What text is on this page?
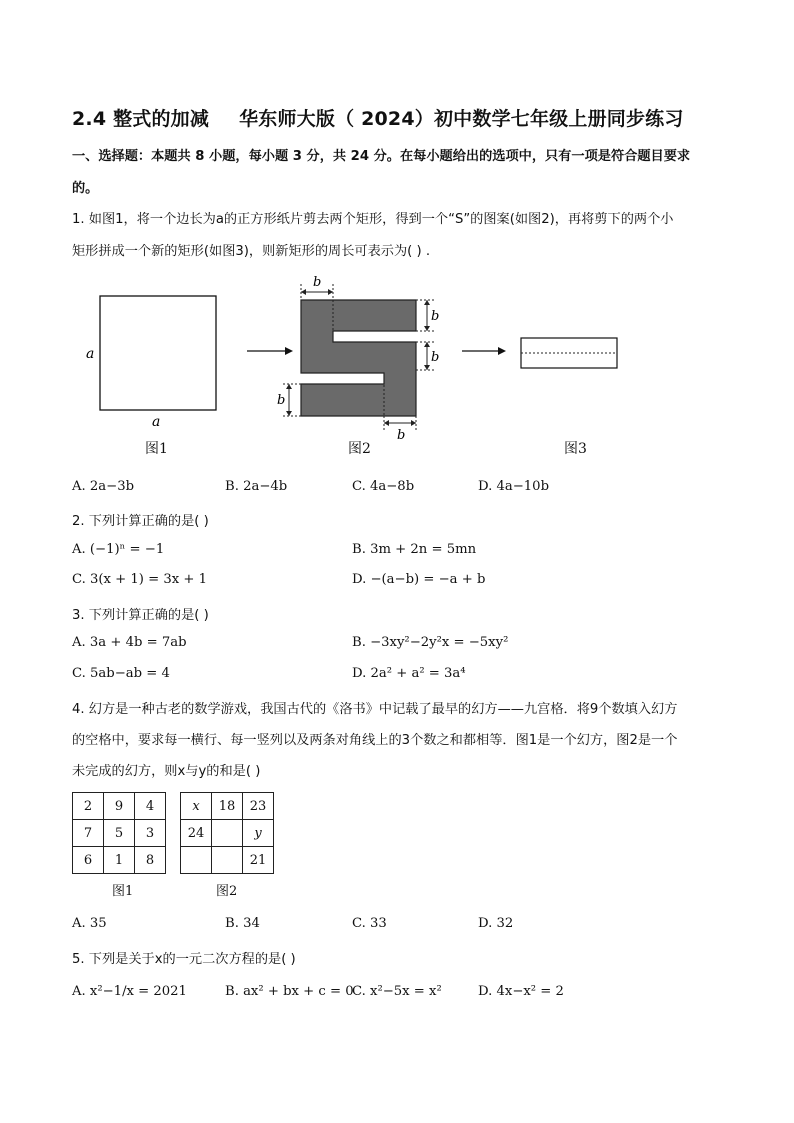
2.4 整式的加减 华东师大版（ 2024）初中数学七年级上册同步练习
一、选择题：本题共 8 小题，每小题 3 分，共 24 分。在每小题给出的选项中，只有一项是符合题目要求
的。
1. 如图1，将一个边长为a的正方形纸片剪去两个矩形，得到一个“S”的图案(如图2)，再将剪下的两个小
矩形拼成一个新的矩形(如图3)，则新矩形的周长可表示为( ) .
a
a
b
b
b
b
b
图1	图2	图3
A. 2a−3b	B. 2a−4b	C. 4a−8b	D. 4a−10b
2. 下列计算正确的是( )
A. (−1)ⁿ = −1	B. 3m + 2n = 5mn
C. 3(x + 1) = 3x + 1	D. −(a−b) = −a + b
3. 下列计算正确的是( )
A. 3a + 4b = 7ab	B. −3xy²−2y²x = −5xy²
C. 5ab−ab = 4	D. 2a² + a² = 3a⁴
4. 幻方是一种古老的数学游戏，我国古代的《洛书》中记载了最早的幻方——九宫格．将9个数填入幻方
的空格中，要求每一横行、每一竖列以及两条对角线上的3个数之和都相等．图1是一个幻方，图2是一个
未完成的幻方，则x与y的和是( )
2	9	4
7	5	3
6	1	8
x	18	23
24		y
		21
图1	图2
A. 35	B. 34	C. 33	D. 32
5. 下列是关于x的一元二次方程的是( )
A. x²−1/x = 2021	B. ax² + bx + c = 0
C. x²−5x = x²	D. 4x−x² = 2
